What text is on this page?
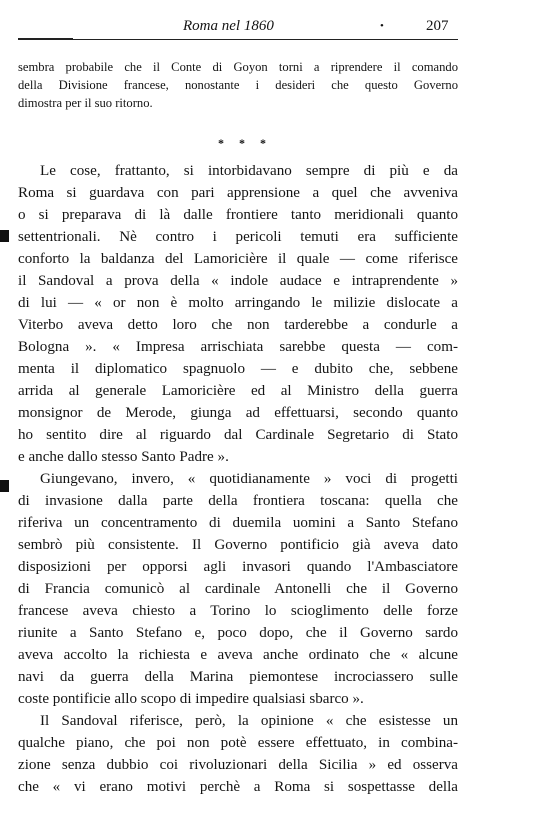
Roma nel 1860	•	207
sembra probabile che il Conte di Goyon torni a riprendere il comando
della Divisione francese, nonostante i desideri che questo Governo
dimostra per il suo ritorno.
* * *
Le cose, frattanto, si intorbidavano sempre di più e da
Roma si guardava con pari apprensione a quel che avveniva
o si preparava di là dalle frontiere tanto meridionali quanto
settentrionali. Nè contro i pericoli temuti era sufficiente
conforto la baldanza del Lamoricière il quale — come riferisce
il Sandoval a prova della « indole audace e intraprendente »
di lui — « or non è molto arringando le milizie dislocate a
Viterbo aveva detto loro che non tarderebbe a condurle a
Bologna ». « Impresa arrischiata sarebbe questa — com-
menta il diplomatico spagnuolo — e dubito che, sebbene
arrida al generale Lamoricière ed al Ministro della guerra
monsignor de Merode, giunga ad effettuarsi, secondo quanto
ho sentito dire al riguardo dal Cardinale Segretario di Stato
e anche dallo stesso Santo Padre ».
Giungevano, invero, « quotidianamente » voci di progetti
di invasione dalla parte della frontiera toscana: quella che
riferiva un concentramento di duemila uomini a Santo Stefano
sembrò più consistente. Il Governo pontificio già aveva dato
disposizioni per opporsi agli invasori quando l'Ambasciatore
di Francia comunicò al cardinale Antonelli che il Governo
francese aveva chiesto a Torino lo scioglimento delle forze
riunite a Santo Stefano e, poco dopo, che il Governo sardo
aveva accolto la richiesta e aveva anche ordinato che « alcune
navi da guerra della Marina piemontese incrociassero sulle
coste pontificie allo scopo di impedire qualsiasi sbarco ».
Il Sandoval riferisce, però, la opinione « che esistesse un
qualche piano, che poi non potè essere effettuato, in combina-
zione senza dubbio coi rivoluzionari della Sicilia » ed osserva
che « vi erano motivi perchè a Roma si sospettasse della
